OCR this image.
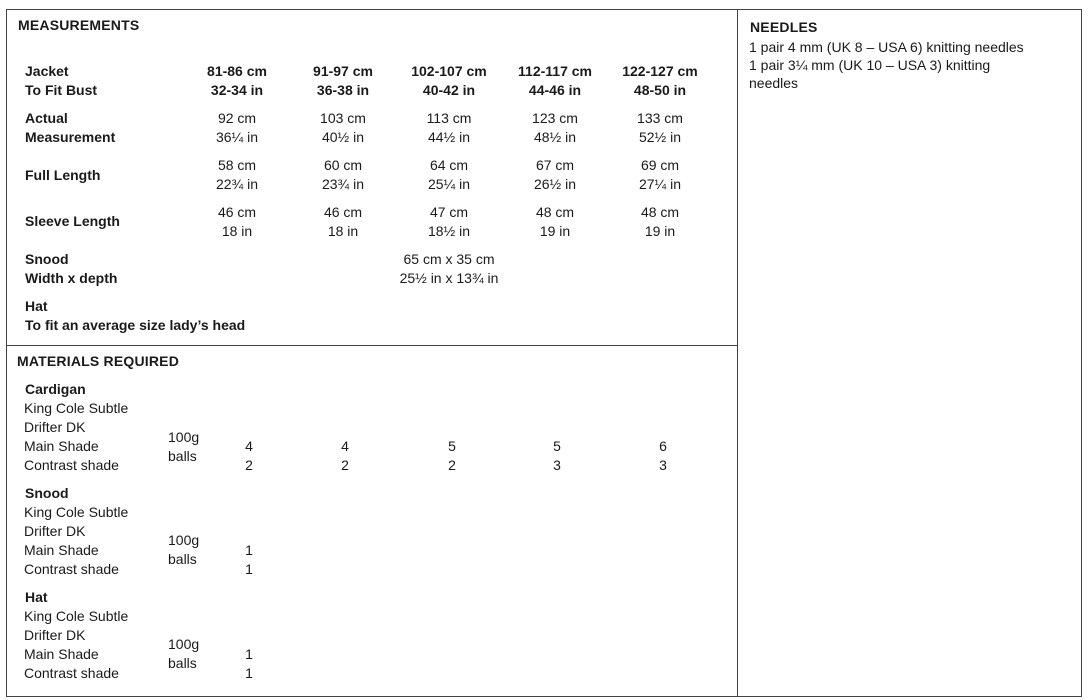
MEASUREMENTS
Jacket
To Fit Bust
81-86 cm
32-34 in
91-97 cm
36-38 in
102-107 cm
40-42 in
112-117 cm
44-46 in
122-127 cm
48-50 in
Actual
Measurement
92 cm
36¼ in
103 cm
40½ in
113 cm
44½ in
123 cm
48½ in
133 cm
52½ in
Full Length
58 cm
22¾ in
60 cm
23¾ in
64 cm
25¼ in
67 cm
26½ in
69 cm
27¼ in
Sleeve Length
46 cm
18 in
46 cm
18 in
47 cm
18½ in
48 cm
19 in
48 cm
19 in
Snood
Width x depth
65 cm x 35 cm
25½ in x 13¾ in
Hat
To fit an average size lady’s head
MATERIALS REQUIRED
Cardigan
King Cole Subtle
Drifter DK
Main Shade
Contrast shade
100g
balls
4
2
4
2
5
2
5
3
6
3
Snood
King Cole Subtle
Drifter DK
Main Shade
Contrast shade
100g
balls
1
1
Hat
King Cole Subtle
Drifter DK
Main Shade
Contrast shade
100g
balls
1
1
NEEDLES
1 pair 4 mm (UK 8 – USA 6) knitting needles
1 pair 3¼ mm (UK 10 – USA 3) knitting
needles
